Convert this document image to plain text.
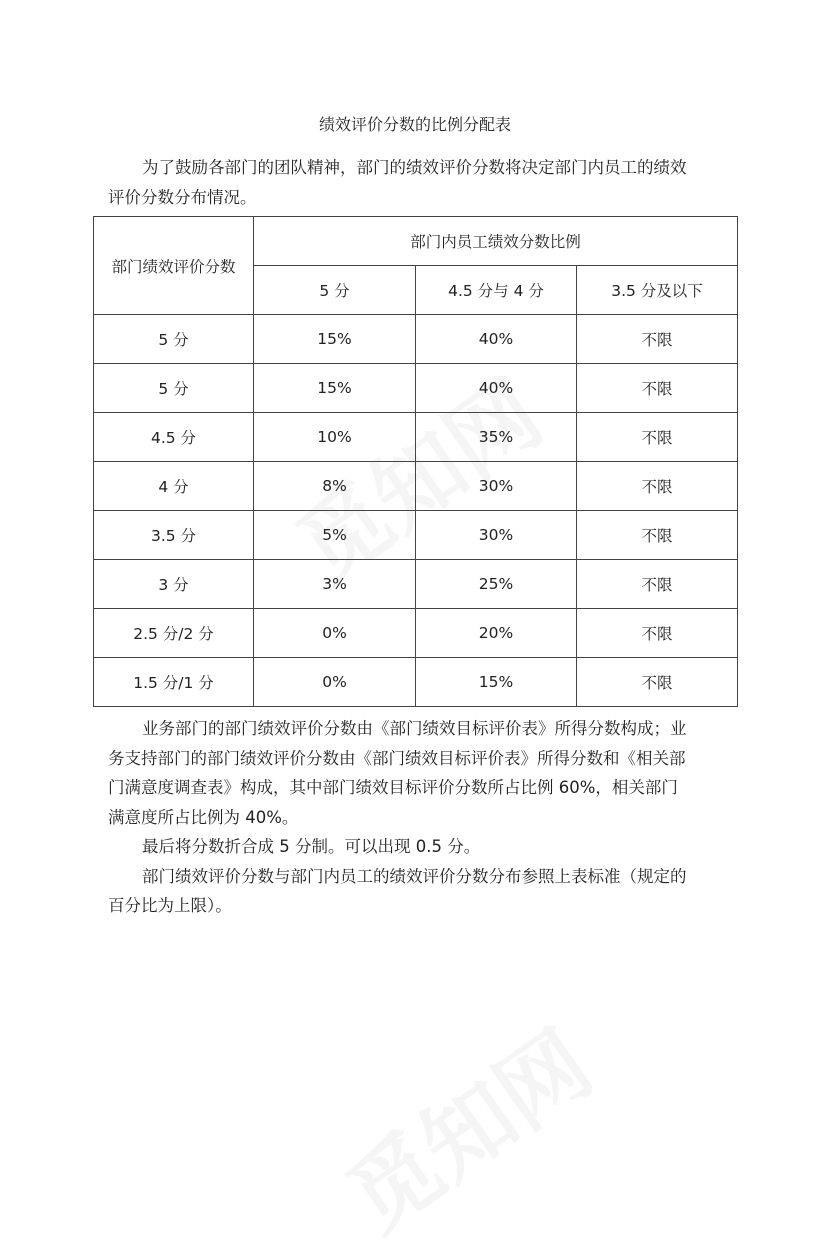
绩效评价分数的比例分配表
为了鼓励各部门的团队精神，部门的绩效评价分数将决定部门内员工的绩效
评价分数分布情况。
部门绩效评价分数	部门内员工绩效分数比例		
	5 分	4.5 分与 4 分	3.5 分及以下
5 分	15%	40%	不限
5 分	15%	40%	不限
4.5 分	10%	35%	不限
4 分	8%	30%	不限
3.5 分	5%	30%	不限
3 分	3%	25%	不限
2.5 分/2 分	0%	20%	不限
1.5 分/1 分	0%	15%	不限
业务部门的部门绩效评价分数由《部门绩效目标评价表》所得分数构成；业
务支持部门的部门绩效评价分数由《部门绩效目标评价表》所得分数和《相关部
门满意度调查表》构成，其中部门绩效目标评价分数所占比例 60%，相关部门
满意度所占比例为 40%。
最后将分数折合成 5 分制。可以出现 0.5 分。
部门绩效评价分数与部门内员工的绩效评价分数分布参照上表标准（规定的
百分比为上限）。
